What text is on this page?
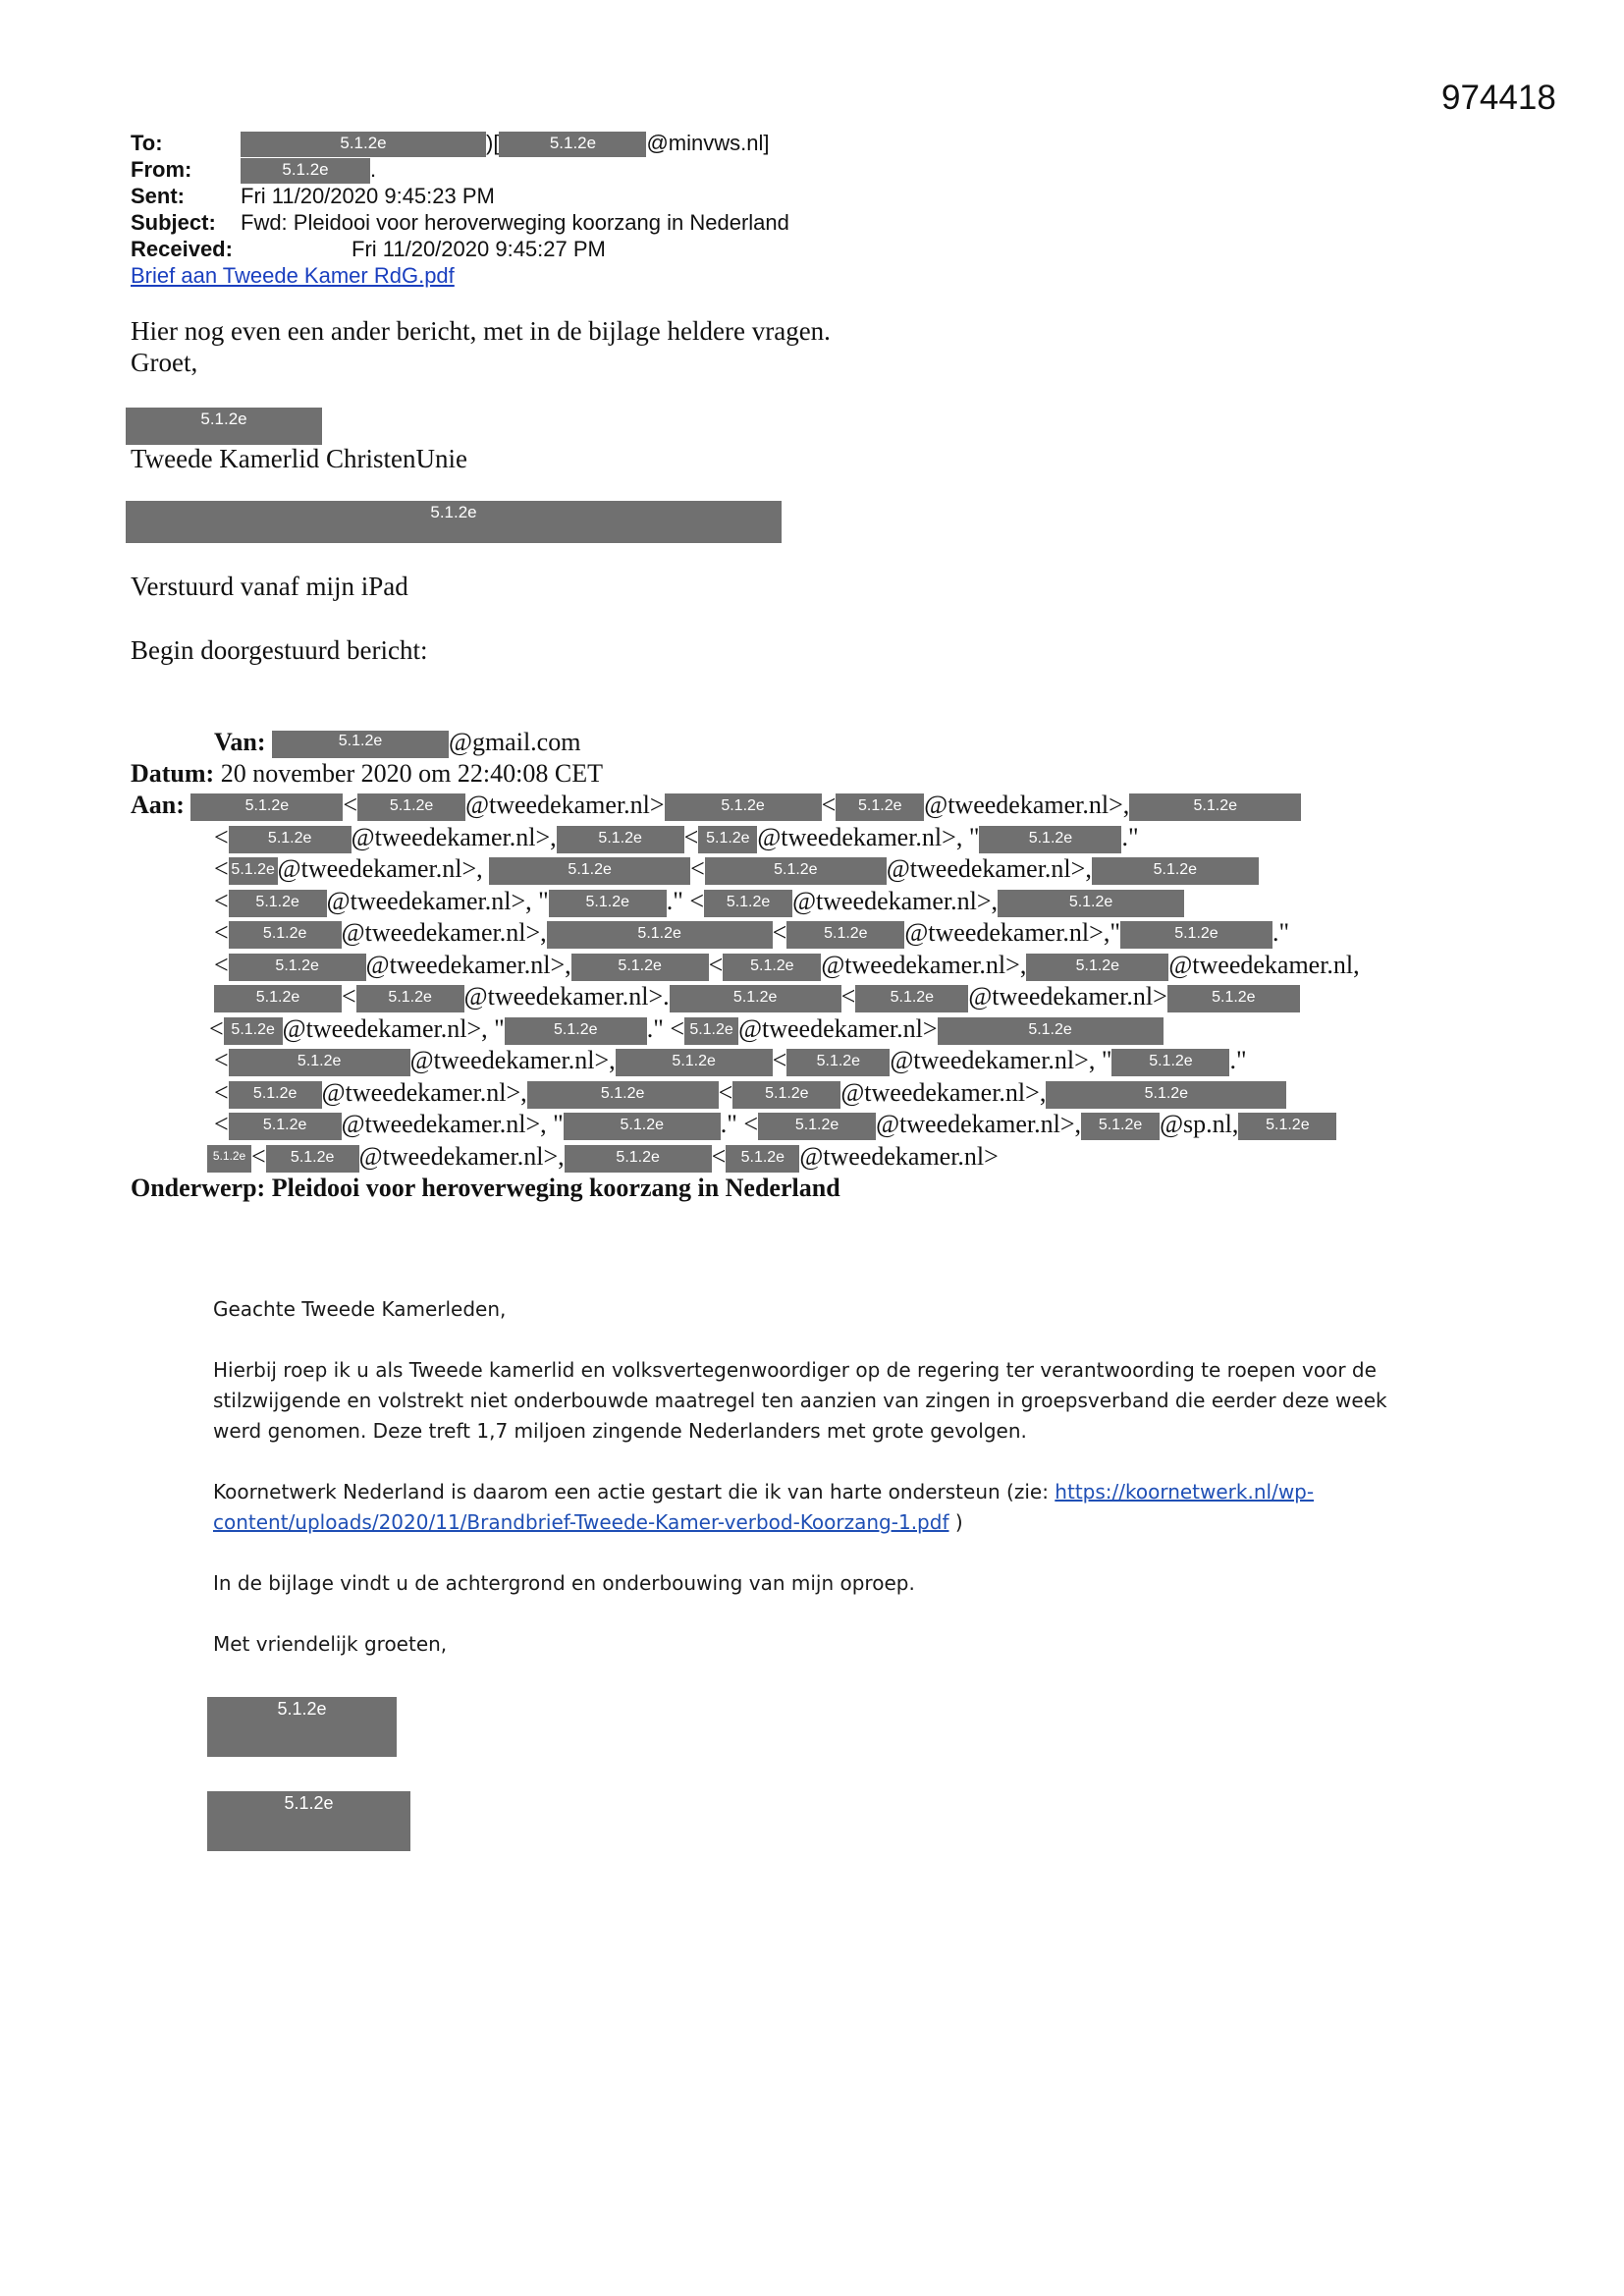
974418
To:	5.1.2e	)[	5.1.2e @minvws.nl]
From:	5.1.2e .
Sent:	Fri 11/20/2020 9:45:23 PM
Subject: Fwd: Pleidooi voor heroverweging koorzang in Nederland
Received:	Fri 11/20/2020 9:45:27 PM
Brief aan Tweede Kamer RdG.pdf
Hier nog even een ander bericht, met in de bijlage heldere vragen.
Groet,
5.1.2e
Tweede Kamerlid ChristenUnie
5.1.2e
Verstuurd vanaf mijn iPad
Begin doorgestuurd bericht:
Van:	5.1.2e	@gmail.com
Datum: 20 november 2020 om 22:40:08 CET
Aan:	5.1.2e < 5.1.2e @tweedekamer.nl>	5.1.2e < 5.1.2e @tweedekamer.nl>,	5.1.2e
<	5.1.2e @tweedekamer.nl>,	5.1.2e < 5.1.2e @tweedekamer.nl>, "	5.1.2e ."
< 5.1.2e @tweedekamer.nl>,	5.1.2e	<	5.1.2e	@tweedekamer.nl>,	5.1.2e
< 5.1.2e @tweedekamer.nl>, " 5.1.2e ." < 5.1.2e @tweedekamer.nl>,	5.1.2e
< 5.1.2e @tweedekamer.nl>,	5.1.2e	< 5.1.2e @tweedekamer.nl>,"	5.1.2e ."
<	5.1.2e @tweedekamer.nl>,	5.1.2e < 5.1.2e @tweedekamer.nl>,	5.1.2e @tweedekamer.nl,
5.1.2e < 5.1.2e @tweedekamer.nl>.	5.1.2e	< 5.1.2e @tweedekamer.nl>	5.1.2e
< 5.1.2e @tweedekamer.nl>, "	5.1.2e ." < 5.1.2e @tweedekamer.nl>	5.1.2e
<	5.1.2e	@tweedekamer.nl>,	5.1.2e < 5.1.2e @tweedekamer.nl>, " 5.1.2e ."
< 5.1.2e @tweedekamer.nl>,	5.1.2e	< 5.1.2e @tweedekamer.nl>,	5.1.2e
< 5.1.2e @tweedekamer.nl>, "	5.1.2e ." < 5.1.2e @tweedekamer.nl>, 5.1.2e @sp.nl, 5.1.2e
5.1.2e < 5.1.2e @tweedekamer.nl>,	5.1.2e < 5.1.2e @tweedekamer.nl>
Onderwerp: Pleidooi voor heroverweging koorzang in Nederland

Geachte Tweede Kamerleden,

Hierbij roep ik u als Tweede kamerlid en volksvertegenwoordiger op de regering ter verantwoording te roepen voor de stilzwijgende en volstrekt niet onderbouwde maatregel ten aanzien van zingen in groepsverband die eerder deze week werd genomen. Deze treft 1,7 miljoen zingende Nederlanders met grote gevolgen.

Koornetwerk Nederland is daarom een actie gestart die ik van harte ondersteun (zie: https://koornetwerk.nl/wp-content/uploads/2020/11/Brandbrief-Tweede-Kamer-verbod-Koorzang-1.pdf )

In de bijlage vindt u de achtergrond en onderbouwing van mijn oproep.

Met vriendelijk groeten,

5.1.2e
5.1.2e
